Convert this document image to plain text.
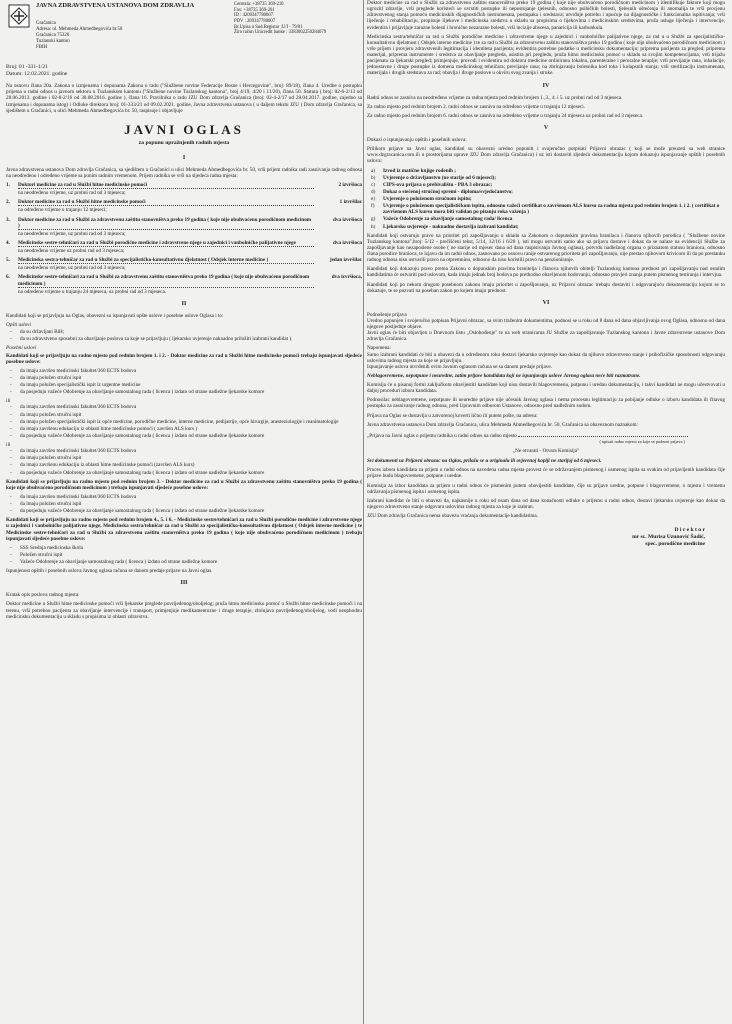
JAVNA ZDRAVSTVENA USTANOVA DOM ZDRAVLJA
Gračanica
Adresa: ul. Mehmeda Ahmedbegovića br.50
Gračanica 75320
Tuzlanski kanton
FBIH
Centrala: +38735 369-210
Fax: +38735 369-201
ID : 4209347780007
PDV : 209347780007
Br.Upisa u Sud.Registar :U/I - 79/01
Žiro račun Unicredit banke : 3383002250284079
Broj: 01 -331-1/21
Datum: 12.02.2021. godine

Na osnovu člana 20a. Zakona o izmjenama i dopunama Zakona o radu ("Službene novine Federacije Bosne i Hercegovine", broj: 89/18), člana 4. Uredbe o postupku prijema u radni odnos u javnom sektoru u Tuzlanskom kantonu ("Službene novine Tuzlanskog kantona", broj 4/19, 4/20 i 11/20), člana 50. Statuta ( broj: 02-6-2/13 od 28.06.2013. godine i 02-8-2/16 od 30.08.2016. godine ), člana 16. Pravilnika o radu JZU Dom zdravlja Gračanica (broj: 02-4-2/17 od 28.04.2017. godine, zajedno sa izmjenama i dopunama istog) i Odluke direktora broj: 01-333/21 od 09.02.2021. godine, Javna zdravstvena ustanova ( u daljem tekstu JZU ) Dom zdravlja Gračanica, sa sjedištem u Gračanici, u ulici Mehmeda Ahmedbegovića br. 50, raspisuje i objavljuje

JAVNI OGLAS
za popunu upražnjenih radnih mjesta
I

Javna zdravstvena ustanova Dom zdravlja Gračanica, sa sjedištem u Gračanici u ulici Mehmeda Ahmedbegovića br. 50, vrši prijem radnika radi zasnivanja radnog odnosa na neodređeno i određeno vrijeme sa punim radnim vremenom. Prijem radnika se vrši na sljedeća radna mjesta:

1.	Doktori medicine za rad u Službi hitne medicinske pomoći	2 izvršioca
na neodređeno vrijeme, uz probni rad od 3 mjeseca;
2.	Doktor medicine za rad u Službi hitne medicinske pomoći	1 izvršilac
na određeno vrijeme u trajanju 12 mjeseci;
3.	Doktor medicine za rad u Službi za zdravstvenu zaštitu stanovništva preko 19 godina ( koje nije obuhvaćeno porodičnom medicinom )
dva izvršioca
na neodređeno vrijeme, uz probni rad od 3 mjeseca;
4.	Medicinske sestre-tehničari za rad u Službi porodične medicine i zdravstvene njege u zajednici i vanbolničke palijativne njege	dva izvršioca
na neodređeno vrijeme uz probni rad od 3 mjeseca;
5.	Medicinska sestra-tehničar za rad u Službi za specijalističko-konsultativnu djelatnost ( Odsjek interne medicine )	jedan izvršilac
na neodređeno vrijeme, uz probni rad od 3 mjeseca;
6.	Medicinske sestre-tehničari za rad u Službi za zdravstvenu zaštitu stanovništva preko 19 godina ( koje nije obuhvaćeno porodičnom medicinom )
dva izvršioca,
na određeno vrijeme u trajanju 24 mjeseca, uz probni rad od 3 mjeseca.
II

Kandidati koji se prijavljuju na Oglas, obavezni su ispunjavati opšte uslove i posebne uslove Oglasa i to:

Opšti uslovi
- da su državljani BiH;
- da su zdravstveno sposobni za obavljanje poslova za koje se prijavljuju ( ljekarsko uvjerenje naknadno priložiti izabrani kandidat ).
Posebni uslovi

Kandidati koji se prijavljuju na radno mjesto pod rednim brojem 1. i 2. - Doktor medicine za rad u Službi hitne medicinske pomoći trebaju ispunjavati sljedeće posebne uslove:

- da imaju završen medicinski fakultet/360 ECTS bodova
- da imaju položen stručni ispit
- da imaju položen specijalistički ispit iz urgentne medicine
- da posjeduju važeće Odobrenje za obavljanje samostalnog rada ( licenca ) izdato od strane nadležne ljekarske komore
ili
- da imaju završen medicinski fakultet/360 ECTS bodova
- da imaju položen stručni ispit
- da imaju položen specijalistički ispit iz opće medicine, porodične medicine, interne medicine, pedijatrije, opće hirurgije, anesteziologije i reanimatologije
- da imaju završenu edukaciju iz oblasti hitne medicinske pomoći ( završen ALS kurs )
- da posjeduju važeće Odobrenje za obavljanje samostalnog rada ( licenca ) izdato od strane nadležne ljekarske komore
ili
- da imaju završen medicinski fakultet/360 ECTS bodova
- da imaju položen stručni ispit
- da imaju završenu edukaciju iz oblasti hitne medicinske pomoći (završen ALS kurs)
- da posjeduju važeće Odobrenje za obavljanje samostalnog rada ( licenca ) izdato od strane nadležne ljekarske komore

Kandidati koji se prijavljuju na radno mjesto pod rednim brojem 3. - Doktor medicine za rad u Službi za zdravstvenu zaštitu stanovništva preko 19 godina ( koje nije obuhvaćeno porodičnom medicinom ) trebaju ispunjavati sljedeće posebne uslove:

- da imaju završen medicinski fakultet/360 ECTS bodova
- da imaju položen stručni ispit
- da posjeduju važeće Odobrenje za obavljanje samostalnog rada ( licenca ) izdato od strane nadležne ljekarske komore

Kandidati koji se prijavljuju na radno mjesto pod rednim brojem 4., 5. i 6. - Medicinske sestre/tehničari za rad u Službi porodične medicine i zdravstvene njege u zajednici i vanbolničke palijativne njege, Medicinska sestra/tehničar za rad u Službi za specijalističko-konsultativnu djelatnost ( Odsjek interne medicine ) te Medicinske sestre-tehničari za rad u Službi za zdravstvenu zaštitu stanovništva preko 19 godina ( koje nije obuhvaćeno porodičnom medicinom ) trebaju ispunjavati sljedeće posebne uslove:

- SSS Srednja medicinska škola
- Položen stručni ispit
- Važeće Odobrenje za obavljanje samostalnog rada ( licenca ) izdato od strane nadležne komore

Ispunjenost opštih i posebnih uslova Javnog oglasa računa se danom predaje prijave na Javni oglas.

III

Kratak opis poslova radnog mjesta:

Doktor medicine u Službi hitne medicinske pomoći vrši ljekarske preglede povrijeđenog/oboljelog; pruža hitnu medicinsku pomoć u Službi hitne medicinske pomoći i na terenu, vrši potrebnu pacijenta za obavljanje intervencije i transport, primjenjuje medikamentozne i druge terapije, zbrinjava povrijeđenog/oboljelog, vodi neophodnu medicinsku dokumentaciju u skladu s propisima iz oblasti zdravstva.

Doktor medicine za rad u Službi za zdravstvenu zaštitu stanovništva preko 19 godina ( koje nije obuhvaćeno porodičnom medicinom ) identifikuje faktore koji mogu ugroziti zdravlje, vrši preglede koristeći se uvrstiti postupke ili nepostojanje tjelesnih, odnosno psihičkih bolesti, tjelesnih oštećenja ili anomalija te vrši procjenu zdravstvenog stanja pomoću medicinskih dijagnostičkih instrumenata, postupaka i sredstava; utvrđuje potrebu i upućuje na dijagnostičke i funkcionalna ispitivanja; vrši liječenje i rehabilitaciju, propisuje lijekove i medicinska sredstva u skladu sa propisima o lijekovima i medicinskim sredstvima, pruža usluge liječenja i intervencije, evidentira i prijavljuje zarazne bolesti i hronične nezarazne bolesti, vrši incizije abscesa, panaricija ili karbunkula.

Medicinska sestra/tehničar za rad u Službi porodične medicine i zdravstvene njege u zajednici i vanbolničke palijativne njege, za rad u u Službi za specijalističko-konsultativnu djelatnost ( Odsjek interne medicine ) te za rad u Službi za zdravstvenu zaštitu stanovništva preko 19 godina ( koje nije obuhvaćeno porodičnom medicinom ) vrše prijem i provjeru zdravstvenih legitimacija i identiteta pacijenta; evidentira potrebne podatke u medicinsku dokumentaciju; priprema pacijenta za pregled, priprema materijal, priprema instrumente i sredstva za obavljanje pregleda, asistira pri pregledu, pruža hitnu medicinsku pomoć u skladu sa svojim kompetencijama; vrši trijažu pacijenata za ljekarski pregled; primjenjuje, provodi i evidentira od doktora medicine ordiniranu lokalnu, parenteralne i peroralne terapije; vrši previjanje rana, inhalacije, jednostavne i druge postupke iz domena medicinskog tehničara; previjanje rana; na zbrinjavanju bolesnika kod toka i kolapsnih stanja; vrši sterilizaciju instrumenata, materijala i drugih sredstava za rad; obavlja i druge poslove u okviru svog zvanja i struke.

IV

Radni odnos se zasniva na neodređeno vrijeme za radna mjesta pod rednim brojem 1.,3., 4. i 5. uz probni rad od 3 mjeseca.

Za radno mjesto pod rednim brojem 2. radni odnos se zasniva na određeno vrijeme u trajanju 12 mjeseci.

Za radno mjesto pod rednim brojem 6. radni odnos se zasniva na određeno vrijeme u trajanju 24 mjeseca uz probni rad od 3 mjeseca.

V

Dokazi o ispunjavanju opštih i posebnih uslova:

Prilikom prijave na Javni oglas, kandidati su obavezni uredno popuniti i svojeručno potpisati Prijavni obrazac ( koji se može preuzeti sa web stranice www.dzgracanica.com.ili u prostorijama uprave JZU Dom zdravlja Gračanica) i uz isti dostaviti sljedeću dokumentaciju kojom dokazuju ispunjavanje opštih i posebnih uslova:

a) Izvod iz matične knjige rođenih ;
b) Uvjerenje o državljanstvu (ne starije od 6 mjeseci);
c) CIPS-ova prijava o prebivalištu - PBA 3 obrazac;
d) Dokaz o stečenoj stručnoj spremi - diploma/svjedočanstvo;
e) Uvjerenje o položenom stručnom ispitu;
f) Uvjerenje o položenom specijalističkom ispitu, odnosno važeći certifikat o završenom ALS kursu za radna mjesta pod rednim brojem 1. i 2. ( certifikat o završenom ALS kursu mora biti validan po pitanju roka važenja )
g) Važeće Odobrenje za obavljanje samostalnog rada/ licenca
h) Ljekarsko uvjerenje - naknadno dostavlja izabrani kandidat;

Kandidati koji ostvaruju pravo na prioritet pri zapošljavanju u skladu sa Zakonom o dopunskim pravima branilaca i članova njihovih porodica ( "Službene novine Tuzlanskog kantona",broj: 5/12 - prečišćeni tekst, 5/14, 12/16 i 6/20 ), isti mogu ostvariti samo ako uz prijavu dostave i dokaz da se nalaze na evidenciji Službe za zapošljavanje kao nezaposlene osobe ( ne starije od mjesec dana od dana raspisivanja Javnog oglasa), potvrdu nadležnog organa o priznatom statusu branioca, odnosno člana porodice branioca, te izjavu da im radni odnos, zasnovano po osnovu ranije ostvarenog prioriteta pri zapošljavanju, nije prestao njihovom krivicom ili da po prestanku radnog odnosa nisu ostvarili pravo na otpremninu, odnosno da nisu koristili pravo na penzioniranje.

Kandidati koji dokazuju pravo prema Zakonu o dopunskim pravima branitelja i članova njihovih obitelji Tuzlanskog kantona prednost pri zapošljavanju nad ostalim kandidatima će ostvariti pod uslovom, kada imaju jednak broj bodova po prethodno obavljenom bodovanju, odnosno provjeri znanja putem pismenog testiranja i intervjua.

Kandidati koji po nekom drugom posebnom zakonu imaju prioritet u zapošljavanju, uz Prijavni obrazac trebaju dostaviti i odgovarajuću dokumentaciju kojom se to dokazuje, te se pozvati na poseban zakon po kojem imaju prednost.

VI

Podnošenje prijava
Uredno popunjen i svojeručno potpisan Prijavni obrazac, sa svim traženim dokumentima, podnosi se u roku od 8 dana od dana objavljivanja ovog Oglasa, odnosno od dana njegove posljednje objave.
Javni oglas će biti objavljen u Dnevnom listu „Oslobođenje" te na web stranicama JU Službe za zapošljavanje Tuzlanskog kantona i Javne zdravstvene ustanove Dom zdravlja Gračanica.

Napomena:
Samo izabrani kandidati će biti u obavezi da u određenom roku dostavi ljekarsko uvjerenje kao dokaz da njihovo zdravstveno stanje i psihofizičke sposobnosti odgovaraju uslovima radnog mjesta za koje se prijavljuju.
Ispunjavanje uslova utvrđenih ovim Javnim oglasom računa se sa danom predaje prijave.

Neblagovremene, nepotpune i neuredne, zatim prijave kandidata koji ne ispunjavaju uslove Javnog oglasa neće biti razmatrane.

Komisija će u pisanoj formi zaključkom obavijestiti kandidate koji nisu dostavili blagovremenu, potpunu i urednu dokumentaciju, i takvi kandidati ne mogu učestvovati u daljoj proceduri izbora kandidata.

Podnosilac neblagovremene, nepotpune ili neuredne prijave nije učesnik Javnog oglasa i nema procesnu legitimaciju za pobijanje odluke o izboru kandidata ili čitavog postupka za zasnivanje radnog odnosa, pred Upravnim odborom Ustanove, odnosno pred nadležnim sudom.

Prijava na Oglas se dostavlja u zatvorenoj koverti lično ili putem pošte, na adresu:

Javna zdravstvena ustanova Dom zdravlja Gračanica, ulica Mehmeda Ahmedbegovića br. 50, Gračanica sa obaveznom naznakom:

„Prijava na Javni oglas o prijemu radnika u radni odnos na radno mjesto
( upisati radno mjesto za koje se podnosi prijava )
„Ne otvarati - Otvara Komisija"

Svi dokumenti uz Prijavni obrazac na Oglas, prilažu se u originalu ili ovjerenoj kopiji ne starijoj od 6 mjeseci.

Proces izbora kandidata za prijem u radni odnos na navedena radna mjesta provest će se održavanjem pismenog i usmenog ispita sa svakim od prijavljenih kandidata čije prijave budu blagovremene, potpune i uredne.

Komisija za izbor kandidata za prijem u radni odnos će pismenim putem obavijestiti kandidate, čije su prijave uredne, potpune i blagovremene, o mjestu i vremenu održavanja pismenog ispita i usmenog ispita.

Izabrani kandidat će biti u obavezi da, najkasnije u roku od osam dana od dana konačnosti odluke o prijemu u radni odnos, dostavi ljekarsko uvjerenje kao dokaz da njegovo zdravstveno stanje odgovara uslovima radnog mjesta za koje je izabran.

JZU Dom zdravlja Gračanica nema obavezu vraćanja dokumentacije kandidatima.

D i r e k t o r
mr sc. Murisa Uzunović Šadić,
spec. porodične medicine
